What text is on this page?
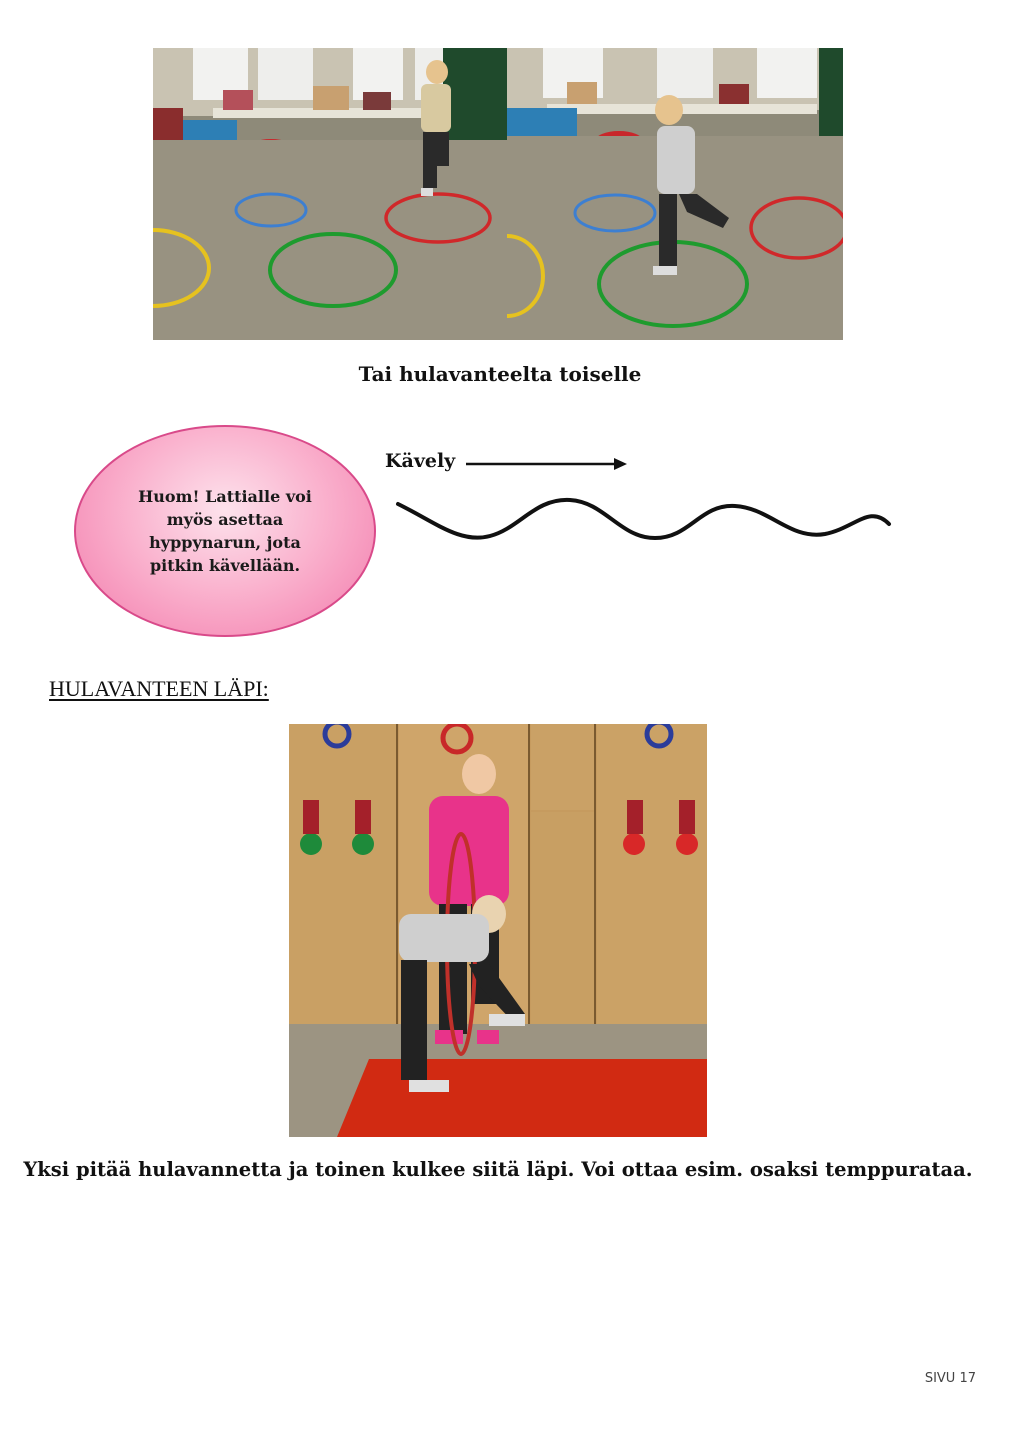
Tai hulavanteelta toiselle
Huom! Lattialle voi myös asettaa hyppynarun, jota pitkin kävellään.
Kävely
HULAVANTEEN LÄPI:
Yksi pitää hulavannetta ja toinen kulkee siitä läpi. Voi ottaa esim. osaksi temppurataa.
SIVU 17
